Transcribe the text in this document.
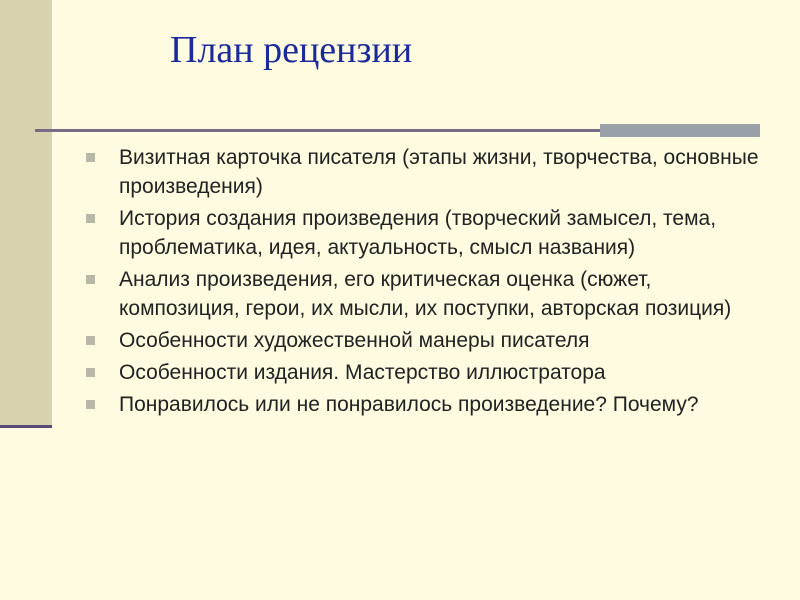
План рецензии
Визитная карточка писателя (этапы жизни, творчества, основные произведения)
История создания произведения (творческий замысел, тема, проблематика, идея, актуальность, смысл названия)
Анализ произведения, его критическая оценка (сюжет, композиция, герои, их мысли, их поступки, авторская позиция)
Особенности художественной манеры писателя
Особенности издания. Мастерство иллюстратора
Понравилось или не понравилось произведение? Почему?
